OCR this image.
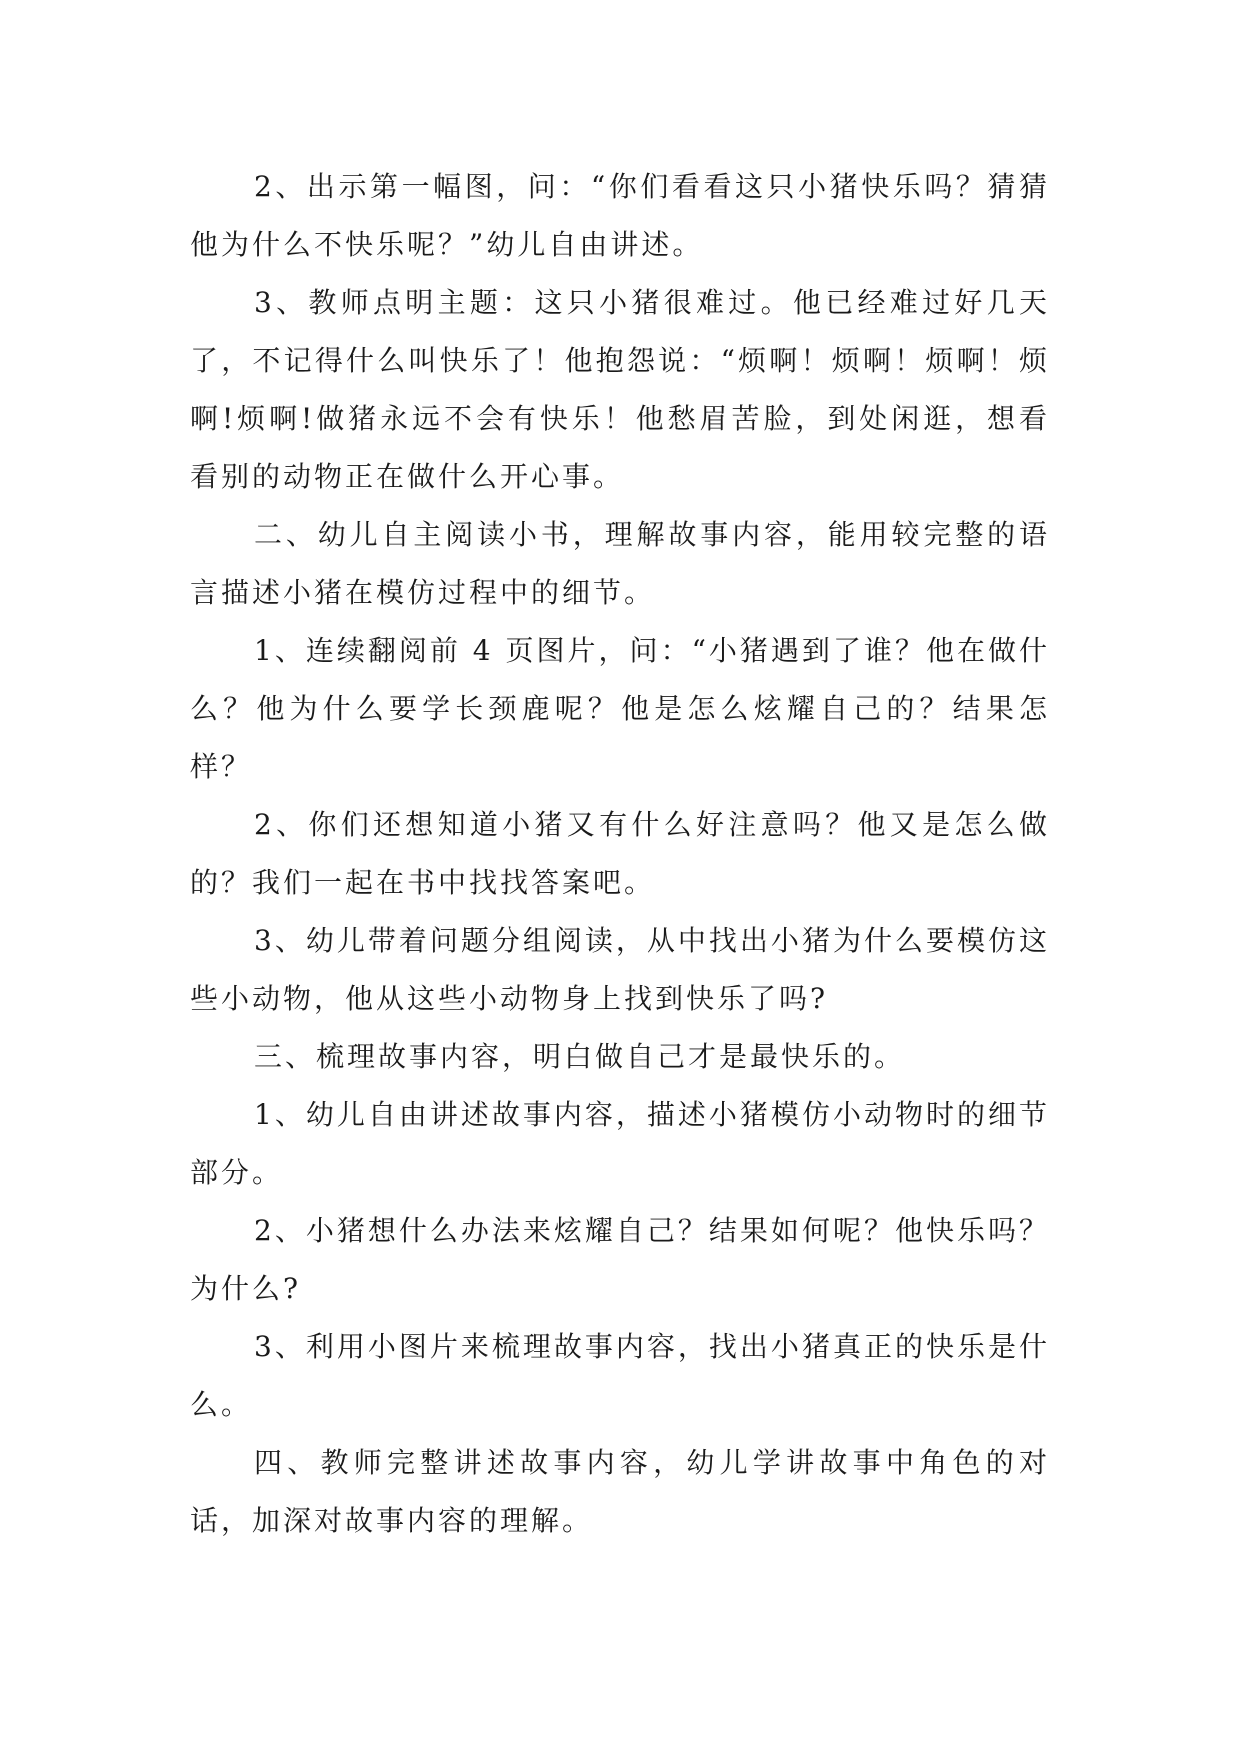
2、出示第一幅图，问：“你们看看这只小猪快乐吗？猜猜他为什么不快乐呢？”幼儿自由讲述。

3、教师点明主题：这只小猪很难过。他已经难过好几天了，不记得什么叫快乐了！他抱怨说：“烦啊！烦啊！烦啊！烦啊!烦啊!做猪永远不会有快乐！他愁眉苦脸，到处闲逛，想看看别的动物正在做什么开心事。

二、幼儿自主阅读小书，理解故事内容，能用较完整的语言描述小猪在模仿过程中的细节。

1、连续翻阅前 4 页图片，问：“小猪遇到了谁？他在做什么？他为什么要学长颈鹿呢？他是怎么炫耀自己的？结果怎样？

2、你们还想知道小猪又有什么好注意吗？他又是怎么做的？我们一起在书中找找答案吧。

3、幼儿带着问题分组阅读，从中找出小猪为什么要模仿这些小动物，他从这些小动物身上找到快乐了吗?

三、梳理故事内容，明白做自己才是最快乐的。

1、幼儿自由讲述故事内容，描述小猪模仿小动物时的细节部分。

2、小猪想什么办法来炫耀自己？结果如何呢？他快乐吗？为什么?

3、利用小图片来梳理故事内容，找出小猪真正的快乐是什么。

四、教师完整讲述故事内容，幼儿学讲故事中角色的对话，加深对故事内容的理解。
